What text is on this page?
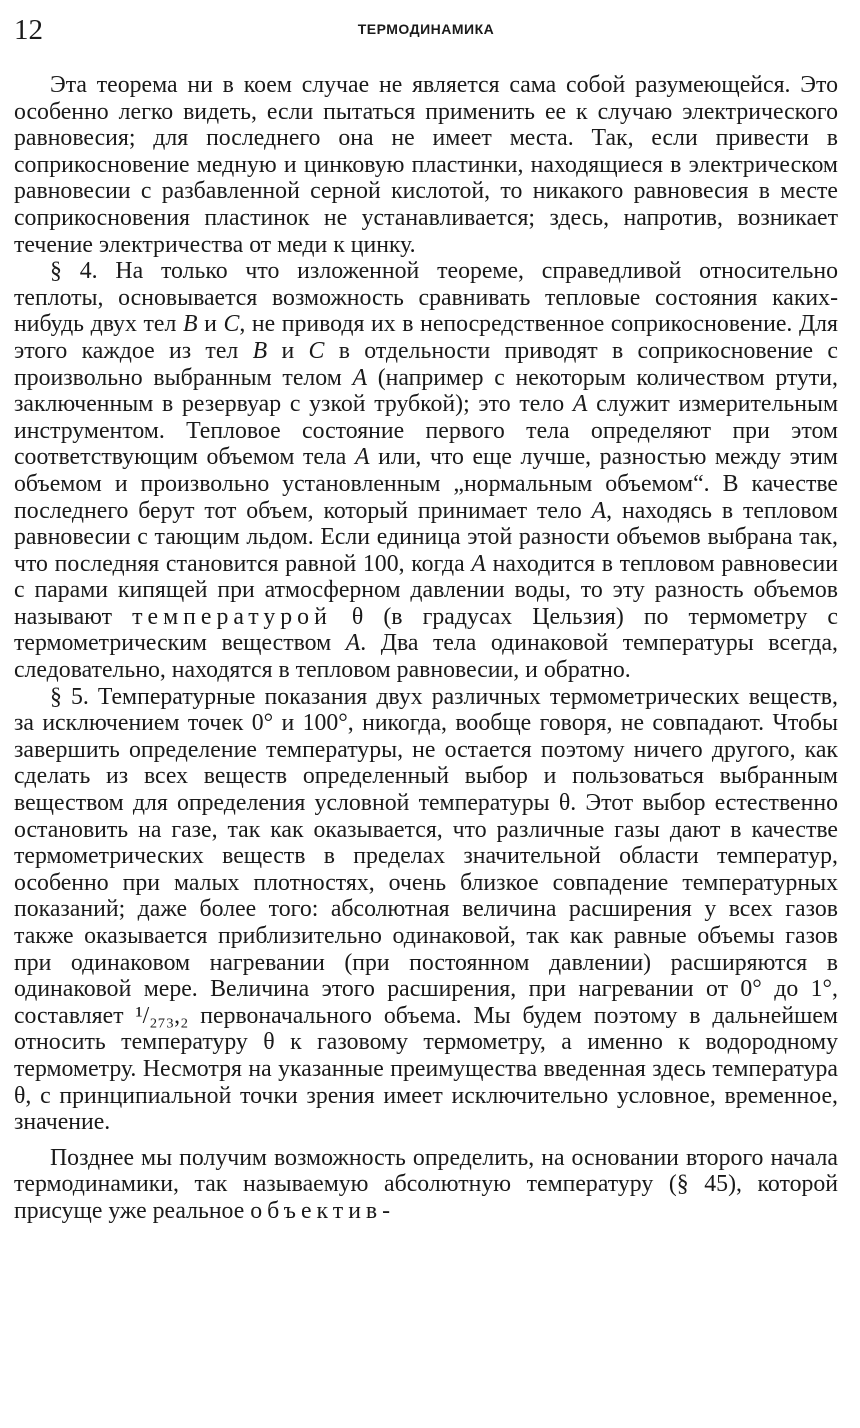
12	ТЕРМОДИНАМИКА

Эта теорема ни в коем случае не является сама собой разумеющейся. Это особенно легко видеть, если пытаться применить ее к случаю электрического равновесия; для последнего она не имеет места. Так, если привести в соприкосновение медную и цинковую пластинки, находящиеся в электрическом равновесии с разбавленной серной кислотой, то никакого равновесия в месте соприкосновения пластинок не устанавливается; здесь, напротив, возникает течение электричества от меди к цинку.

§ 4. На только что изложенной теореме, справедливой относительно теплоты, основывается возможность сравнивать тепловые состояния каких-нибудь двух тел B и C, не приводя их в непосредственное соприкосновение. Для этого каждое из тел B и C в отдельности приводят в соприкосновение с произвольно выбранным телом A (например с некоторым количеством ртути, заключенным в резервуар с узкой трубкой); это тело A служит измерительным инструментом. Тепловое состояние первого тела определяют при этом соответствующим объемом тела A или, что еще лучше, разностью между этим объемом и произвольно установленным „нормальным объемом“. В качестве последнего берут тот объем, который принимает тело A, находясь в тепловом равновесии с тающим льдом. Если единица этой разности объемов выбрана так, что последняя становится равной 100, когда A находится в тепловом равновесии с парами кипящей при атмосферном давлении воды, то эту разность объемов называют температурой θ (в градусах Цельзия) по термометру с термометрическим веществом A. Два тела одинаковой температуры всегда, следовательно, находятся в тепловом равновесии, и обратно.

§ 5. Температурные показания двух различных термометрических веществ, за исключением точек 0° и 100°, никогда, вообще говоря, не совпадают. Чтобы завершить определение температуры, не остается поэтому ничего другого, как сделать из всех веществ определенный выбор и пользоваться выбранным веществом для определения условной температуры θ. Этот выбор естественно остановить на газе, так как оказывается, что различные газы дают в качестве термометрических веществ в пределах значительной области температур, особенно при малых плотностях, очень близкое совпадение температурных показаний; даже более того: абсолютная величина расширения у всех газов также оказывается приблизительно одинаковой, так как равные объемы газов при одинаковом нагревании (при постоянном давлении) расширяются в одинаковой мере. Величина этого расширения, при нагревании от 0° до 1°, составляет ¹/₂₇₃,₂ первоначального объема. Мы будем поэтому в дальнейшем относить температуру θ к газовому термометру, а именно к водородному термометру. Несмотря на указанные преимущества введенная здесь температура θ, с принципиальной точки зрения имеет исключительно условное, временное, значение.

Позднее мы получим возможность определить, на основании второго начала термодинамики, так называемую абсолютную температуру (§ 45), которой присуще уже реальное объектив-
